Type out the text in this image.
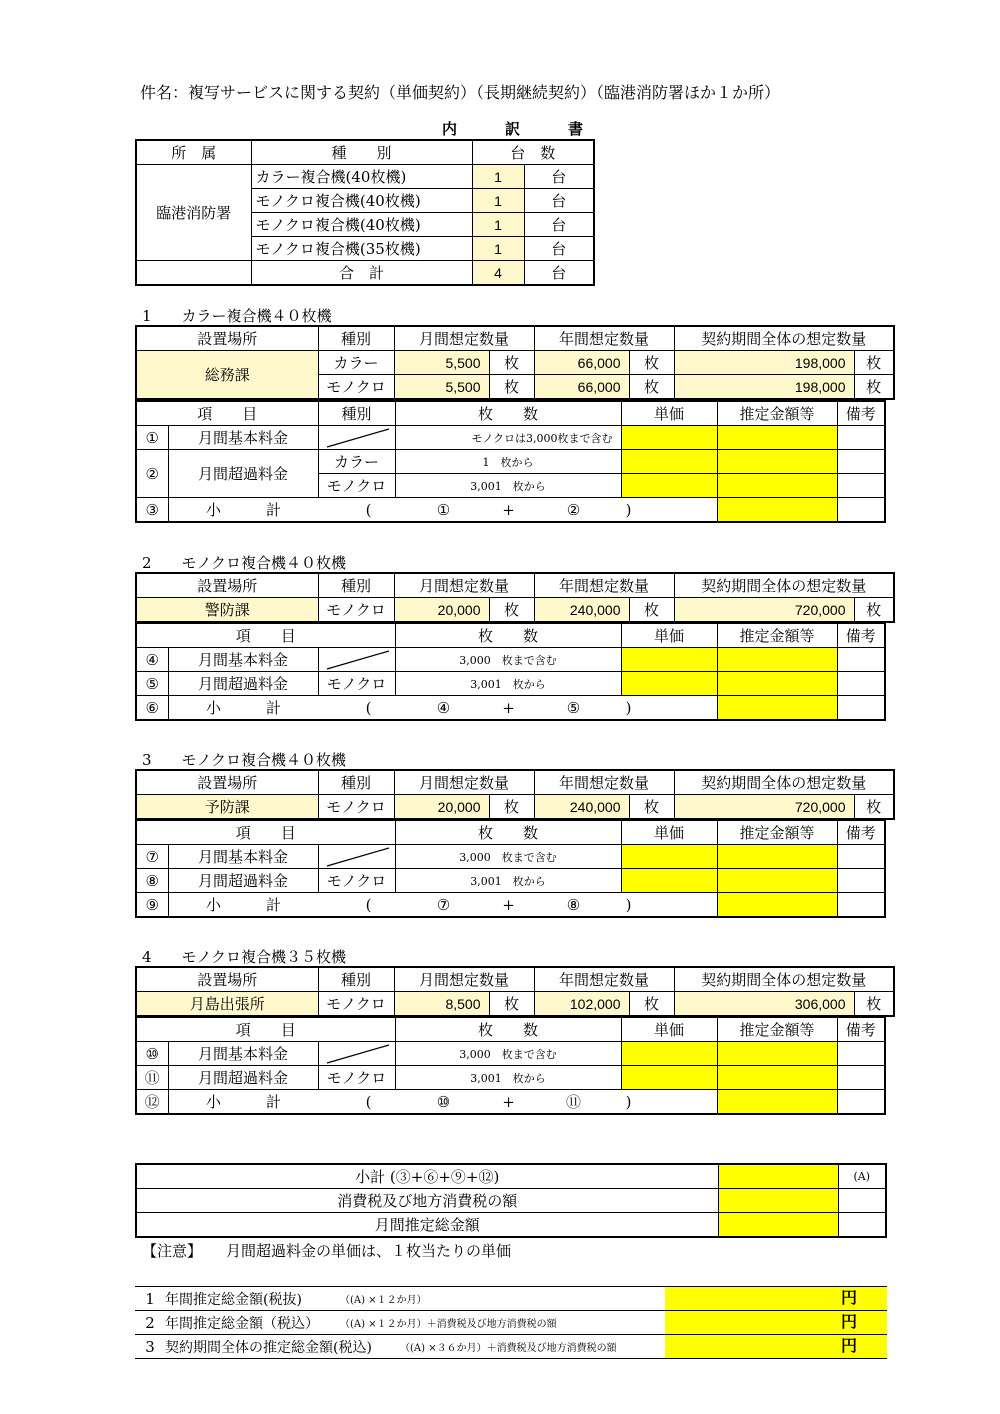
件名：複写サービスに関する契約（単価契約）（長期継続契約）（臨港消防署ほか１か所）
内訳書
所　属	種　　別	台　数	
臨港消防署	カラー複合機(40枚機)	1	台
	モノクロ複合機(40枚機)	1	台
	モノクロ複合機(40枚機)	1	台
	モノクロ複合機(35枚機)	1	台
	合　計	4	台
1　　カラー複合機４０枚機
設置場所	種別	月間想定数量		年間想定数量		契約期間全体の想定数量	
総務課	カラー	5,500	枚	66,000	枚	198,000	枚
	モノクロ	5,500	枚	66,000	枚	198,000	枚
項　　目		種別	枚　　数	単価	推定金額等	備考
①	月間基本料金		モノクロは3,000枚まで含む			
②	月間超過料金	カラー	1　枚から			
		モノクロ	3,001　枚から			
③	小　　　計 ( ① + ② )					
2　　モノクロ複合機４０枚機
設置場所	種別	月間想定数量		年間想定数量		契約期間全体の想定数量	
警防課	モノクロ	20,000	枚	240,000	枚	720,000	枚
項　　目			枚　　数	単価	推定金額等	備考
④	月間基本料金		3,000　枚まで含む			
⑤	月間超過料金	モノクロ	3,001　枚から			
⑥	小　　　計 ( ④ + ⑤ )					
3　　モノクロ複合機４０枚機
設置場所	種別	月間想定数量		年間想定数量		契約期間全体の想定数量	
予防課	モノクロ	20,000	枚	240,000	枚	720,000	枚
項　　目			枚　　数	単価	推定金額等	備考
⑦	月間基本料金		3,000　枚まで含む			
⑧	月間超過料金	モノクロ	3,001　枚から			
⑨	小　　　計 ( ⑦ + ⑧ )					
4　　モノクロ複合機３５枚機
設置場所	種別	月間想定数量		年間想定数量		契約期間全体の想定数量	
月島出張所	モノクロ	8,500	枚	102,000	枚	306,000	枚
項　　目			枚　　数	単価	推定金額等	備考
⑩	月間基本料金		3,000　枚まで含む			
⑪	月間超過料金	モノクロ	3,001　枚から			
⑫	小　　　計 ( ⑩ + ⑪ )					
小計 (③+⑥+⑨+⑫)		(A)
消費税及び地方消費税の額		
月間推定総金額		
【注意】 月間超過料金の単価は、１枚当たりの単価
1 年間推定総金額(税抜)	（(A) ×１２か月）	円
2 年間推定総金額（税込）	（(A) ×１２か月）＋消費税及び地方消費税の額	円
3 契約期間全体の推定総金額(税込)	（(A) ×３６か月）＋消費税及び地方消費税の額	円
